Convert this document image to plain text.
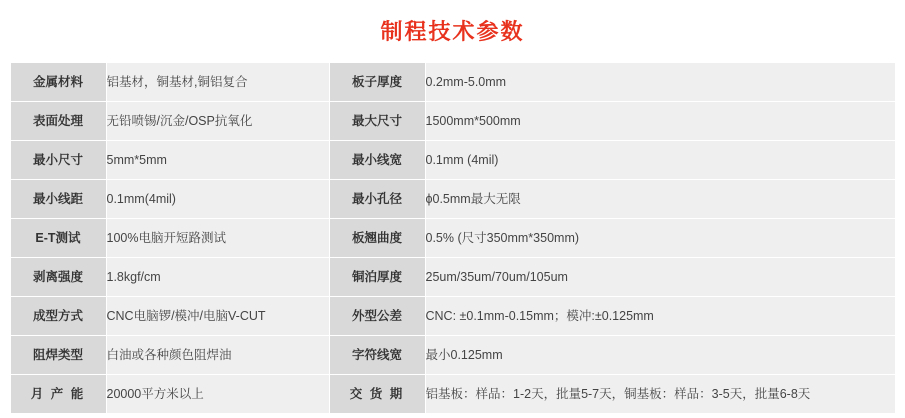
制程技术参数
金属材料	铝基材，铜基材,铜铝复合	板子厚度	0.2mm-5.0mm

表面处理	无铅喷锡/沉金/OSP抗氧化	最大尺寸	1500mm*500mm

最小尺寸	5mm*5mm	最小线宽	0.1mm (4mil)

最小线距	0.1mm(4mil)	最小孔径	ϕ0.5mm最大无限

E-T测试	100%电脑开短路测试	板翘曲度	0.5% (尺寸350mm*350mm)

剥离强度	1.8kgf/cm	铜泊厚度	25um/35um/70um/105um

成型方式	CNC电脑锣/模冲/电脑V-CUT	外型公差	CNC: ±0.1mm-0.15mm；模冲:±0.125mm

阻焊类型	白油或各种颜色阻焊油	字符线宽	最小0.125mm

月 产 能	20000平方米以上	交 货 期	铝基板：样品：1-2天，批量5-7天，铜基板：样品：3-5天，批量6-8天
